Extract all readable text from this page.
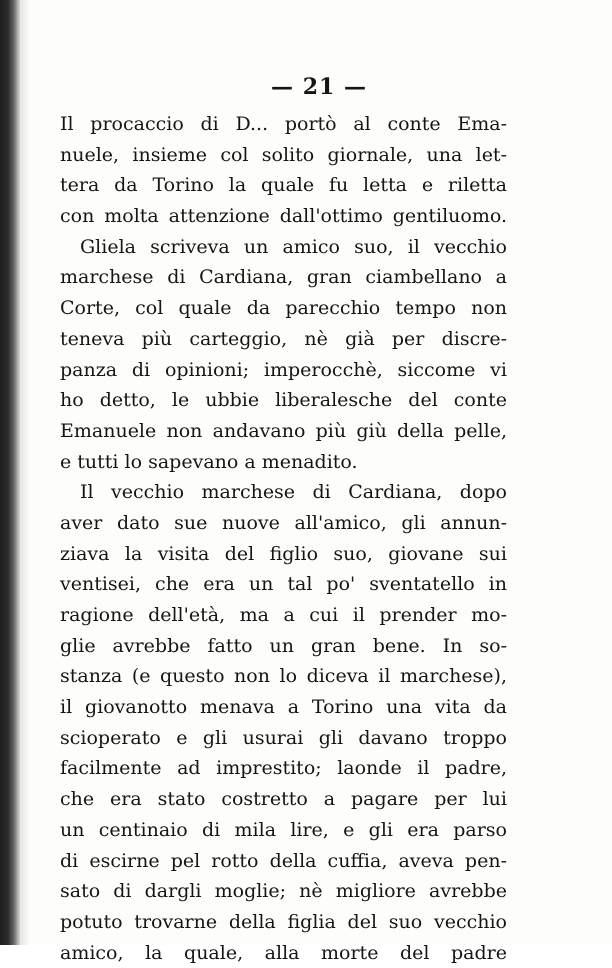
— 21 —
Il procaccio di D... portò al conte Ema-
nuele, insieme col solito giornale, una let-
tera da Torino la quale fu letta e riletta
con molta attenzione dall'ottimo gentiluomo.
Gliela scriveva un amico suo, il vecchio
marchese di Cardiana, gran ciambellano a
Corte, col quale da parecchio tempo non
teneva più carteggio, nè già per discre-
panza di opinioni; imperocchè, siccome vi
ho detto, le ubbie liberalesche del conte
Emanuele non andavano più giù della pelle,
e tutti lo sapevano a menadito.
Il vecchio marchese di Cardiana, dopo
aver dato sue nuove all'amico, gli annun-
ziava la visita del figlio suo, giovane sui
ventisei, che era un tal po' sventatello in
ragione dell'età, ma a cui il prender mo-
glie avrebbe fatto un gran bene. In so-
stanza (e questo non lo diceva il marchese),
il giovanotto menava a Torino una vita da
scioperato e gli usurai gli davano troppo
facilmente ad imprestito; laonde il padre,
che era stato costretto a pagare per lui
un centinaio di mila lire, e gli era parso
di escirne pel rotto della cuffia, aveva pen-
sato di dargli moglie; nè migliore avrebbe
potuto trovarne della figlia del suo vecchio
amico, la quale, alla morte del padre
